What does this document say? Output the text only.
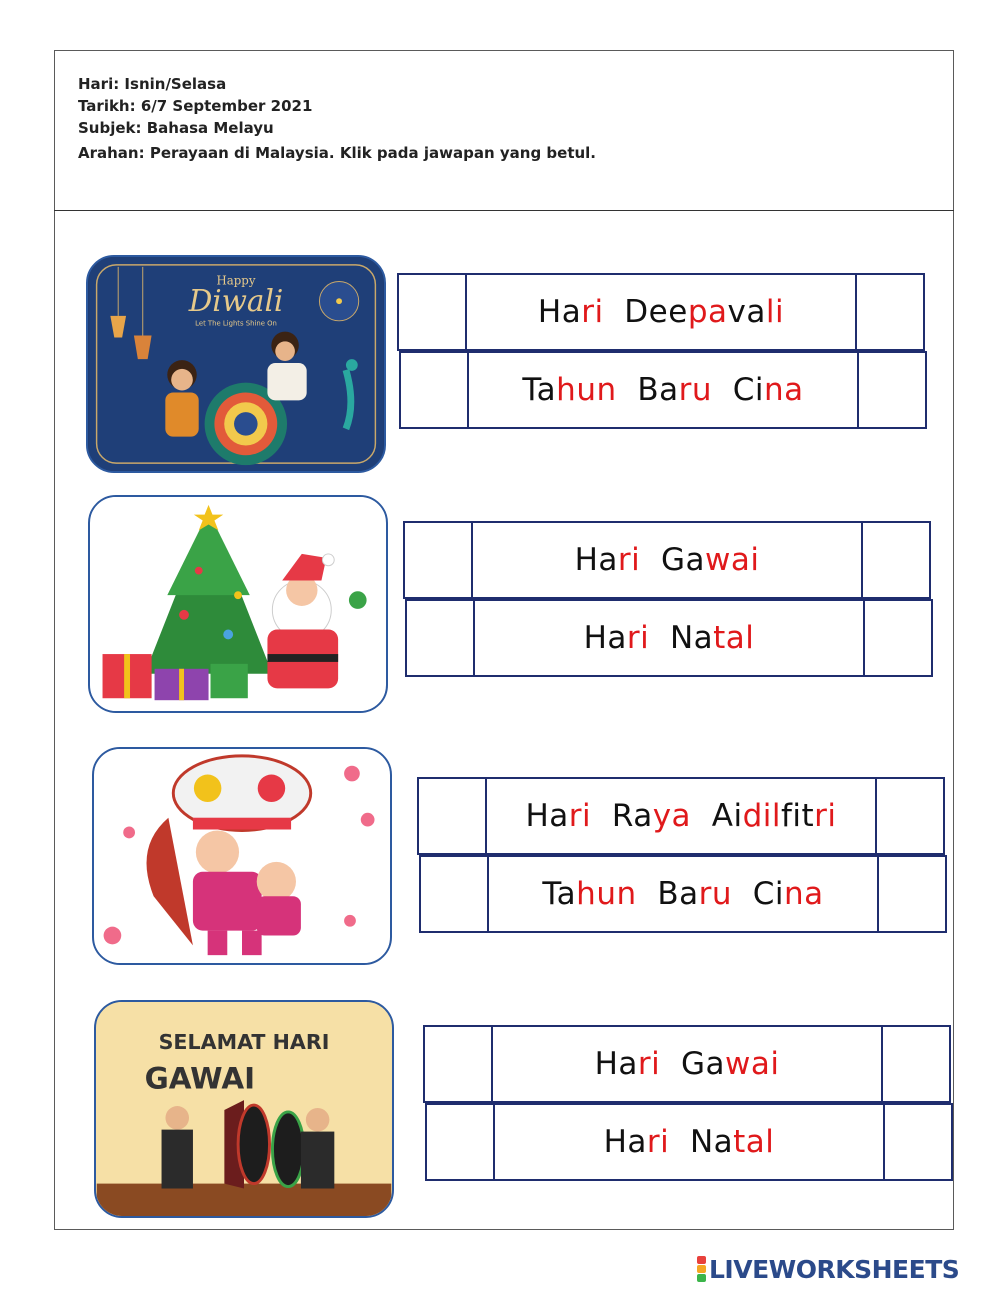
Hari: Isnin/Selasa
Tarikh: 6/7 September 2021
Subjek: Bahasa Melayu
Arahan: Perayaan di Malaysia. Klik pada jawapan yang betul.
Happy
Diwali
Let The Lights Shine On
SELAMAT HARI
GAWAI
Ha ri Dee pa va li
Ta hun Ba ru Ci na
Ha ri Ga wai
Ha ri Na tal
Ha ri Ra ya Ai dil fit ri
Ta hun Ba ru Ci na
Ha ri Ga wai
Ha ri Na tal
LIVEWORKSHEETS
